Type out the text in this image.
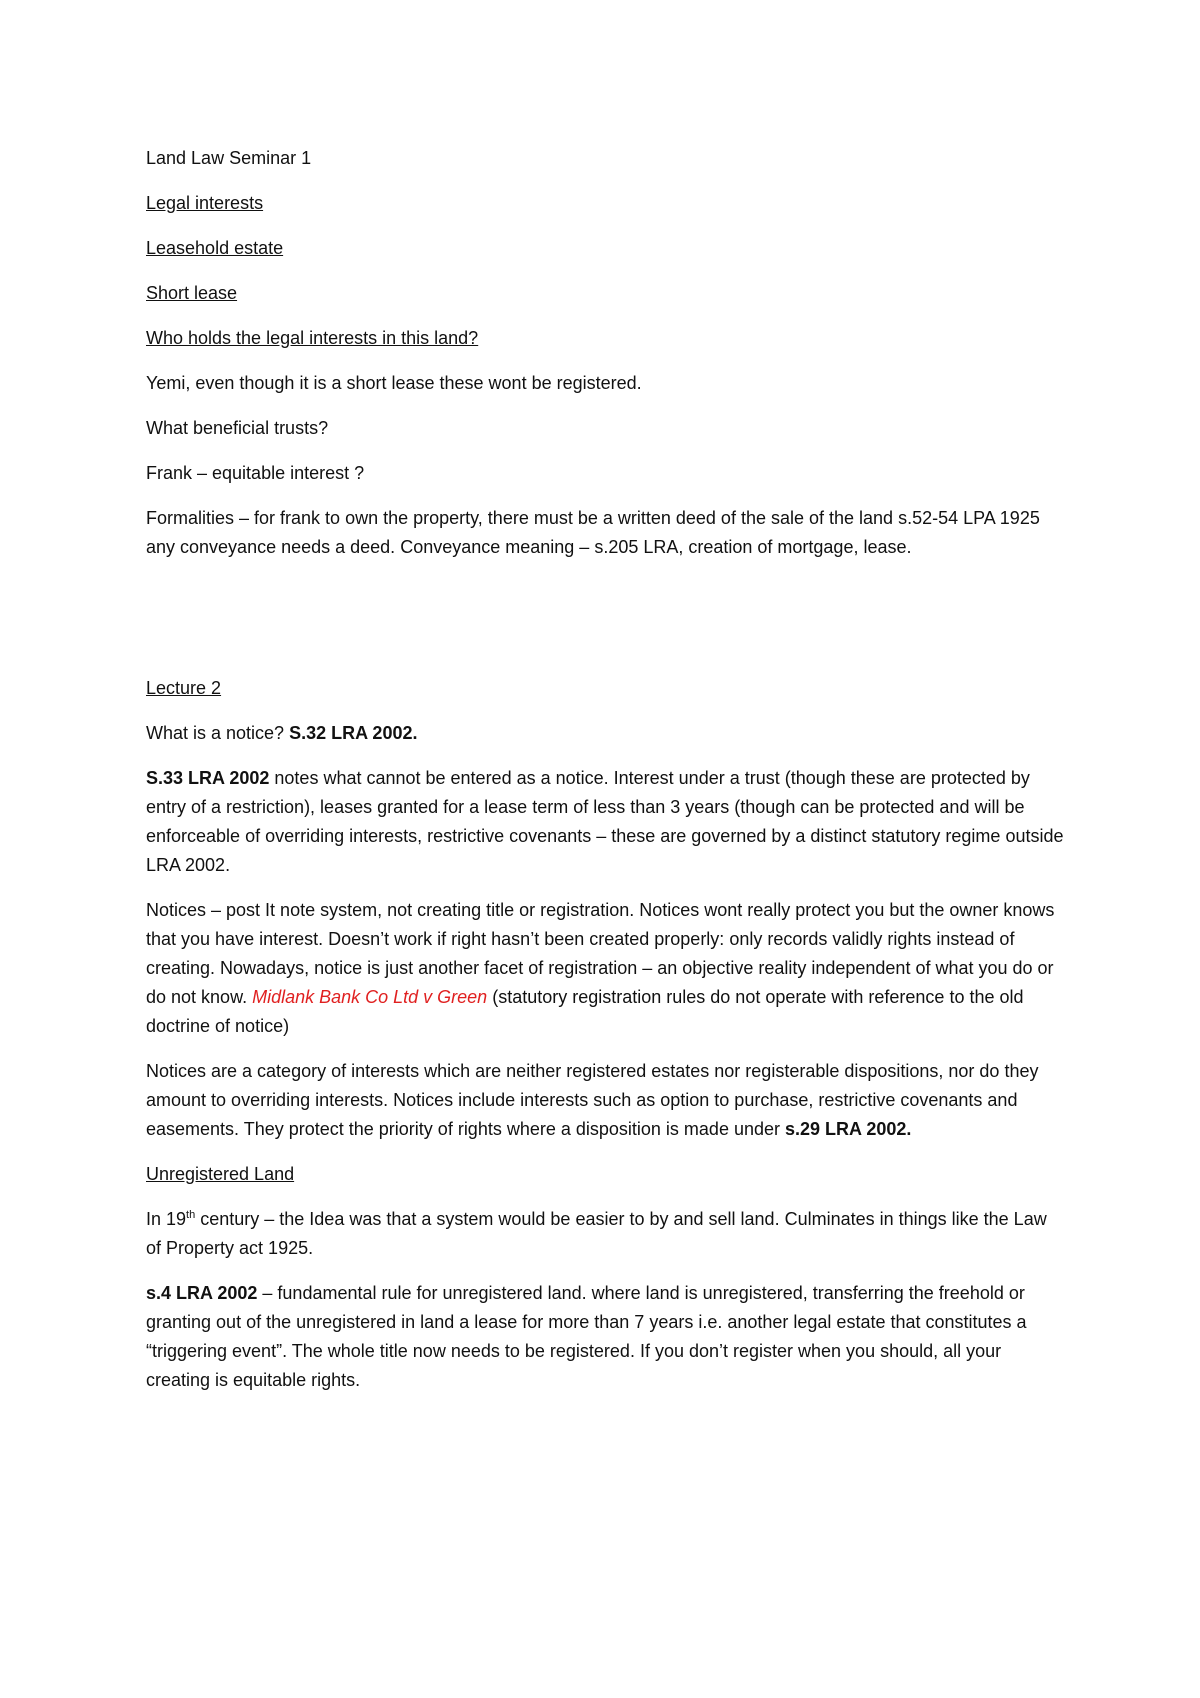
Land Law Seminar 1

Legal interests

Leasehold estate

Short lease

Who holds the legal interests in this land?

Yemi, even though it is a short lease these wont be registered.

What beneficial trusts?

Frank – equitable interest ?

Formalities – for frank to own the property, there must be a written deed of the sale of the land s.52-54 LPA 1925 any conveyance needs a deed. Conveyance meaning – s.205 LRA, creation of mortgage, lease.

Lecture 2

What is a notice? S.32 LRA 2002.

S.33 LRA 2002 notes what cannot be entered as a notice. Interest under a trust (though these are protected by entry of a restriction), leases granted for a lease term of less than 3 years (though can be protected and will be enforceable of overriding interests, restrictive covenants – these are governed by a distinct statutory regime outside LRA 2002.

Notices – post It note system, not creating title or registration. Notices wont really protect you but the owner knows that you have interest. Doesn’t work if right hasn’t been created properly: only records validly rights instead of creating. Nowadays, notice is just another facet of registration – an objective reality independent of what you do or do not know. Midlank Bank Co Ltd v Green (statutory registration rules do not operate with reference to the old doctrine of notice)

Notices are a category of interests which are neither registered estates nor registerable dispositions, nor do they amount to overriding interests. Notices include interests such as option to purchase, restrictive covenants and easements. They protect the priority of rights where a disposition is made under s.29 LRA 2002.

Unregistered Land

In 19th century – the Idea was that a system would be easier to by and sell land. Culminates in things like the Law of Property act 1925.

s.4 LRA 2002 – fundamental rule for unregistered land. where land is unregistered, transferring the freehold or granting out of the unregistered in land a lease for more than 7 years i.e. another legal estate that constitutes a “triggering event”. The whole title now needs to be registered. If you don’t register when you should, all your creating is equitable rights.
